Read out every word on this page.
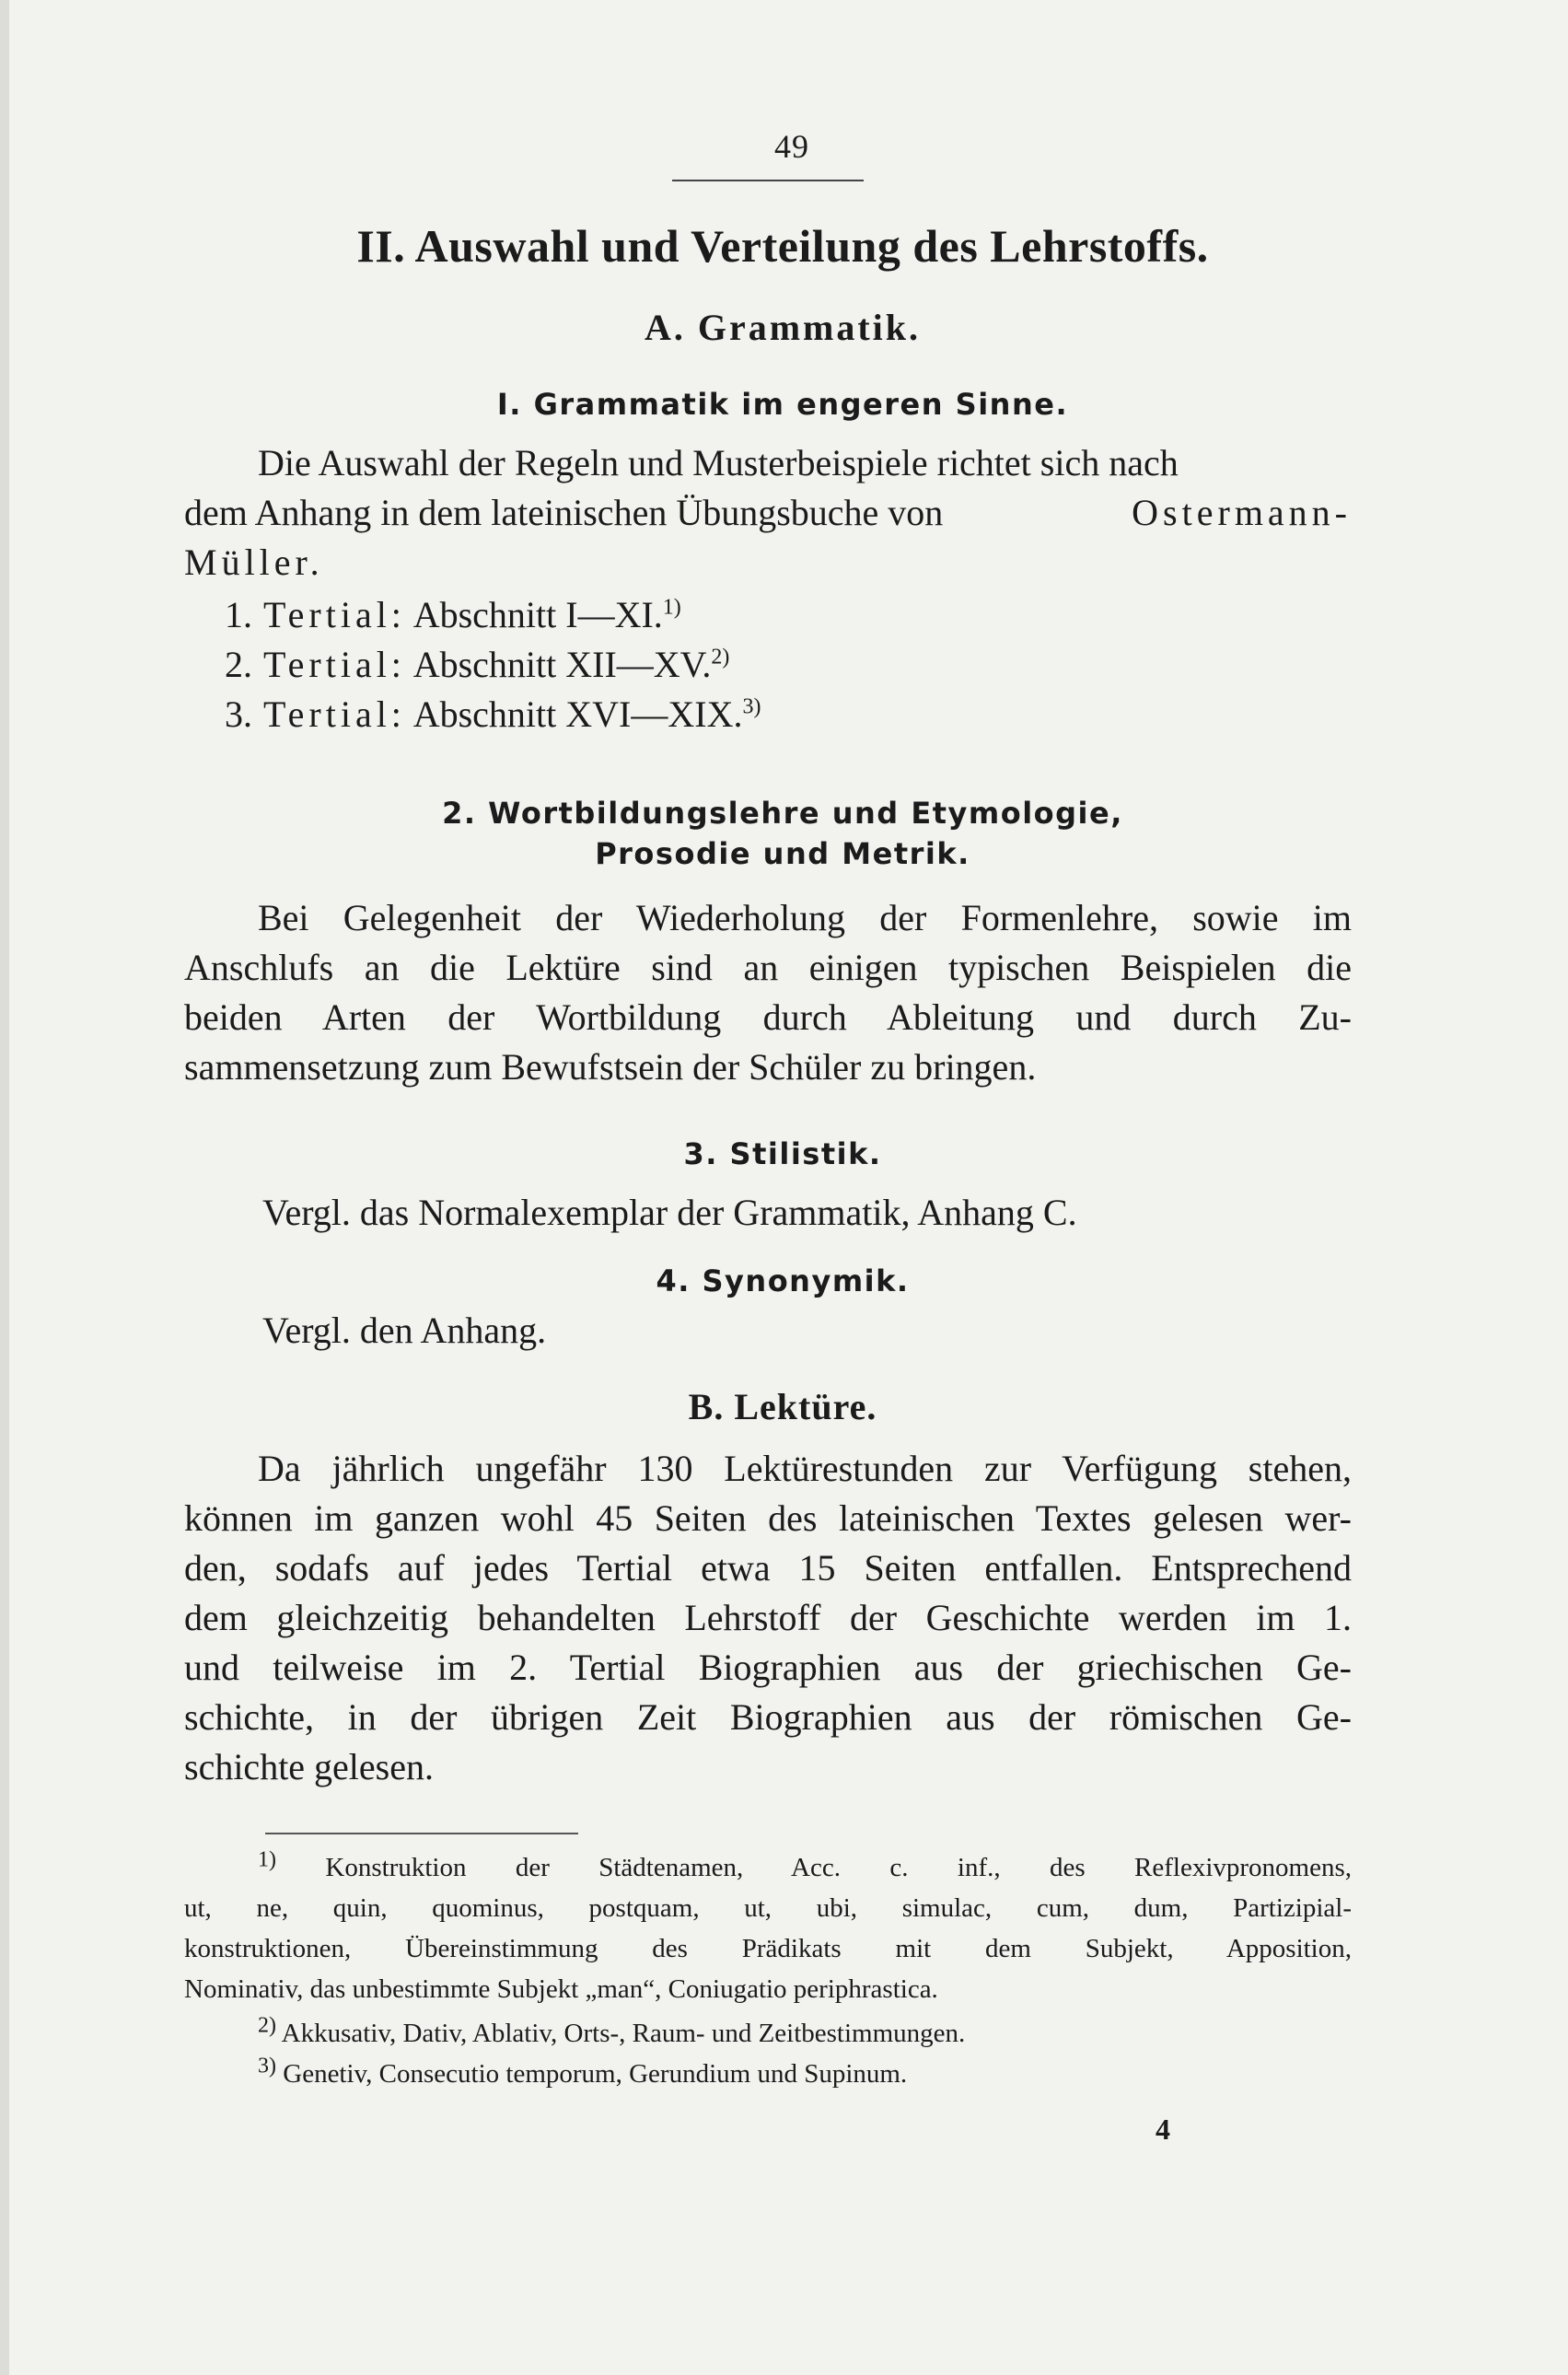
49

II. Auswahl und Verteilung des Lehrstoffs.
A. Grammatik.
I. Grammatik im engeren Sinne.
Die Auswahl der Regeln und Musterbeispiele richtet sich nach
dem Anhang in dem lateinischen Übungsbuche von	Ostermann-
Müller.

1. Tertial: Abschnitt I—XI.$^{1)}$

2. Tertial: Abschnitt XII—XV.$^{2)}$

3. Tertial: Abschnitt XVI—XIX.$^{3)}$

2. Wortbildungslehre und Etymologie,
Prosodie und Metrik.
Bei Gelegenheit der Wiederholung der Formenlehre, sowie im
Anschlufs an die Lektüre sind an einigen typischen Beispielen die
beiden Arten der Wortbildung durch Ableitung und durch Zu-
sammensetzung zum Bewufstsein der Schüler zu bringen.
3. Stilistik.

Vergl. das Normalexemplar der Grammatik, Anhang C.

4. Synonymik.

Vergl. den Anhang.

B. Lektüre.
Da jährlich ungefähr 130 Lektürestunden zur Verfügung stehen,
können im ganzen wohl 45 Seiten des lateinischen Textes gelesen wer-
den, sodafs auf jedes Tertial etwa 15 Seiten entfallen. Entsprechend
dem gleichzeitig behandelten Lehrstoff der Geschichte werden im 1.
und teilweise im 2. Tertial Biographien aus der griechischen Ge-
schichte, in der übrigen Zeit Biographien aus der römischen Ge-
schichte gelesen.
$^{1)}$ Konstruktion der Städtenamen, Acc. c. inf., des Reflexivpronomens,
ut, ne, quin, quominus, postquam, ut, ubi, simulac, cum, dum, Partizipial-
konstruktionen, Übereinstimmung des Prädikats mit dem Subjekt, Apposition,
Nominativ, das unbestimmte Subjekt „man“, Coniugatio periphrastica.

$^{2)}$ Akkusativ, Dativ, Ablativ, Orts-, Raum- und Zeitbestimmungen.

$^{3)}$ Genetiv, Consecutio temporum, Gerundium und Supinum.

4
